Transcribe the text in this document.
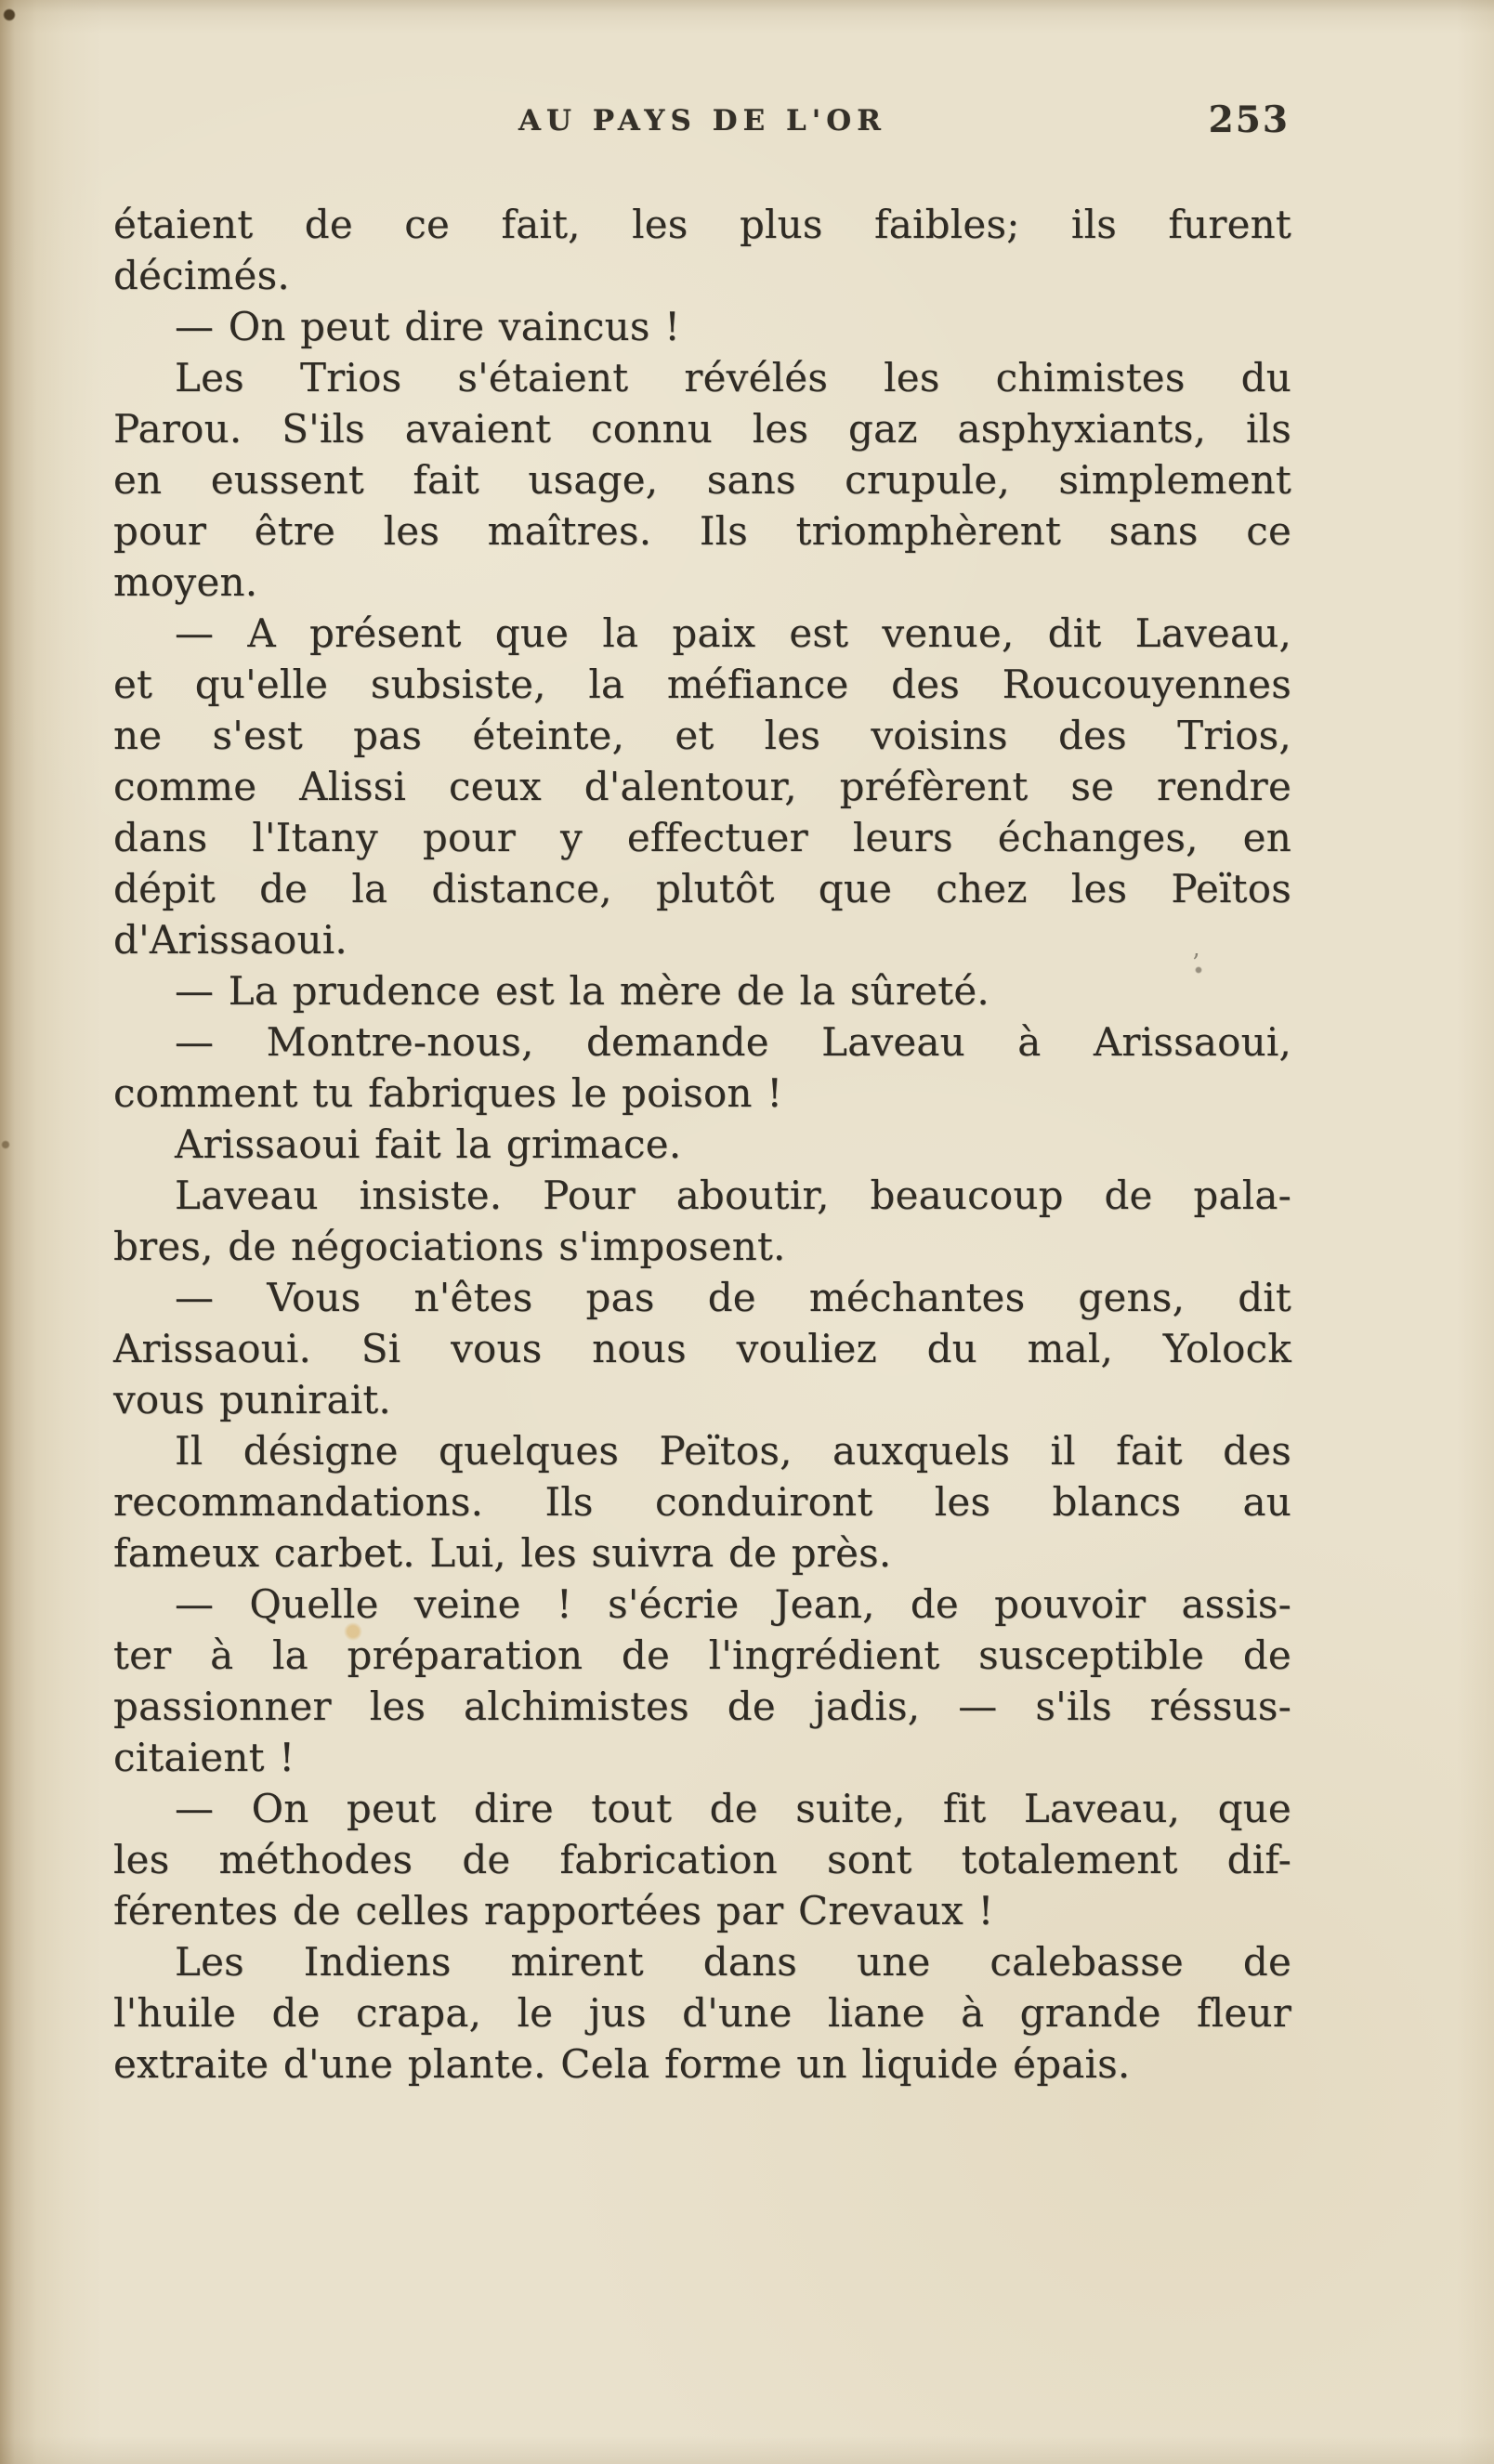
AU PAYS DE L'OR	253
étaient de ce fait, les plus faibles; ils furent
décimés.
— On peut dire vaincus !
Les Trios s'étaient révélés les chimistes du
Parou. S'ils avaient connu les gaz asphyxiants, ils
en eussent fait usage, sans crupule, simplement
pour être les maîtres. Ils triomphèrent sans ce
moyen.
— A présent que la paix est venue, dit Laveau,
et qu'elle subsiste, la méfiance des Roucouyennes
ne s'est pas éteinte, et les voisins des Trios,
comme Alissi ceux d'alentour, préfèrent se rendre
dans l'Itany pour y effectuer leurs échanges, en
dépit de la distance, plutôt que chez les Peïtos
d'Arissaoui.
— La prudence est la mère de la sûreté.
— Montre-nous, demande Laveau à Arissaoui,
comment tu fabriques le poison !
Arissaoui fait la grimace.
Laveau insiste. Pour aboutir, beaucoup de pala-
bres, de négociations s'imposent.
— Vous n'êtes pas de méchantes gens, dit
Arissaoui. Si vous nous vouliez du mal, Yolock
vous punirait.
Il désigne quelques Peïtos, auxquels il fait des
recommandations. Ils conduiront les blancs au
fameux carbet. Lui, les suivra de près.
— Quelle veine ! s'écrie Jean, de pouvoir assis-
ter à la préparation de l'ingrédient susceptible de
passionner les alchimistes de jadis, — s'ils réssus-
citaient !
— On peut dire tout de suite, fit Laveau, que
les méthodes de fabrication sont totalement dif-
férentes de celles rapportées par Crevaux !
Les Indiens mirent dans une calebasse de
l'huile de crapa, le jus d'une liane à grande fleur
extraite d'une plante. Cela forme un liquide épais.
’
